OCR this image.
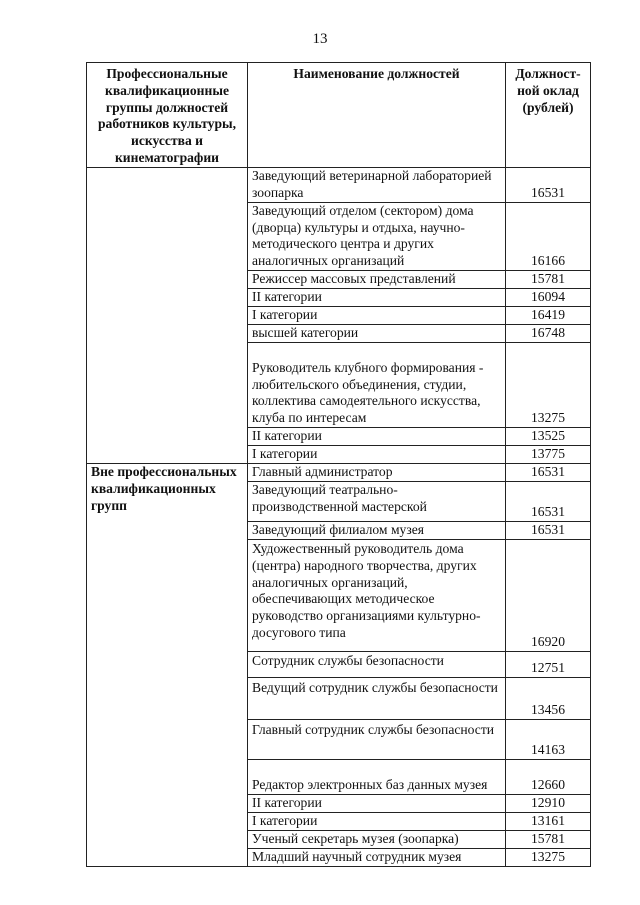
13
Профессиональные квалификационные группы должностей работников культуры, искусства и кинематографии	Наименование должностей	Должност-ной оклад (рублей)
	Заведующий ветеринарной лабораторией зоопарка	16531
	Заведующий отделом (сектором) дома (дворца) культуры и отдыха, научно-методического центра и других аналогичных организаций	16166
	Режиссер массовых представлений	15781
	II категории	16094
	I категории	16419
	высшей категории	16748
	Руководитель клубного формирования - любительского объединения, студии, коллектива самодеятельного искусства, клуба по интересам	13275
	II категории	13525
	I категории	13775
Вне профессиональных квалификационных групп	Главный администратор	16531
	Заведующий театрально-производственной мастерской	16531
	Заведующий филиалом музея	16531
	Художественный руководитель дома (центра) народного творчества, других аналогичных организаций, обеспечивающих методическое руководство организациями культурно-досугового типа	16920
	Сотрудник службы безопасности	12751
	Ведущий сотрудник службы безопасности	13456
	Главный сотрудник службы безопасности	14163
	Редактор электронных баз данных музея	12660
	II категории	12910
	I категории	13161
	Ученый секретарь музея (зоопарка)	15781
	Младший научный сотрудник музея	13275
